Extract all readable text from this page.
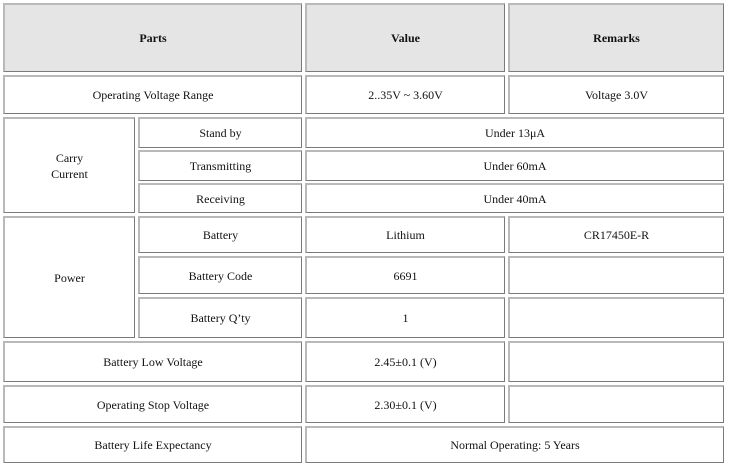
Parts	Value	Remarks
Operating Voltage Range	2..35V ~ 3.60V	Voltage 3.0V
Carry
Current
Stand by	Under 13μA
Transmitting	Under 60mA
Receiving	Under 40mA
Power
Battery	Lithium	CR17450E-R
Battery Code	6691
Battery Q’ty	1
Battery Low Voltage	2.45±0.1 (V)
Operating Stop Voltage	2.30±0.1 (V)
Battery Life Expectancy	Normal Operating: 5 Years
